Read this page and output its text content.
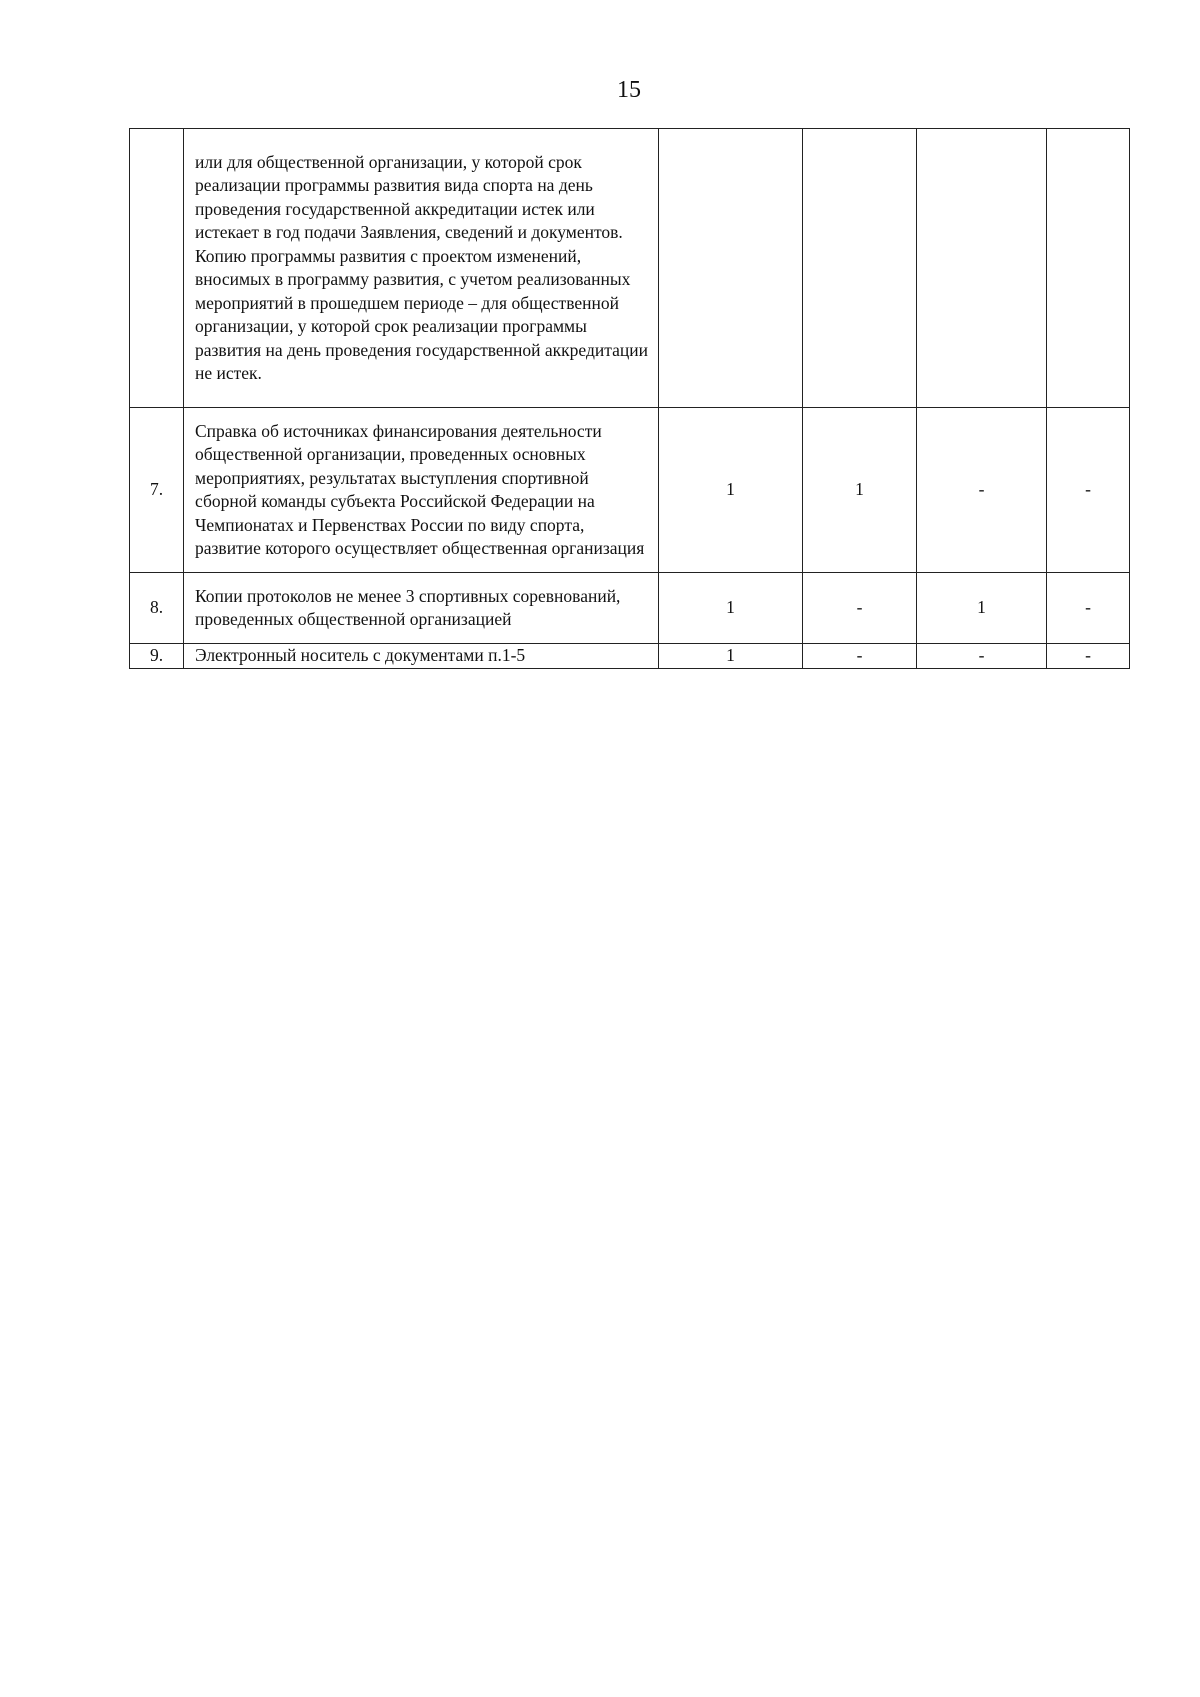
15

	или для общественной организации, у которой срок реализации программы развития вида спорта на день проведения государственной аккредитации истек или истекает в год подачи Заявления, сведений и документов.
Копию программы развития с проектом изменений, вносимых в программу развития, с учетом реализованных мероприятий в прошедшем периоде – для общественной организации, у которой срок реализации программы развития на день проведения государственной аккредитации не истек.				

7.	Справка об источниках финансирования деятельности общественной организации, проведенных основных мероприятиях, результатах выступления спортивной сборной команды субъекта Российской Федерации на Чемпионатах и Первенствах России по виду спорта, развитие которого осуществляет общественная организация	1	1	-	-
8.	Копии протоколов не менее 3 спортивных соревнований, проведенных общественной организацией	1	-	1	-
9.	Электронный носитель с документами п.1-5	1	-	-	-
